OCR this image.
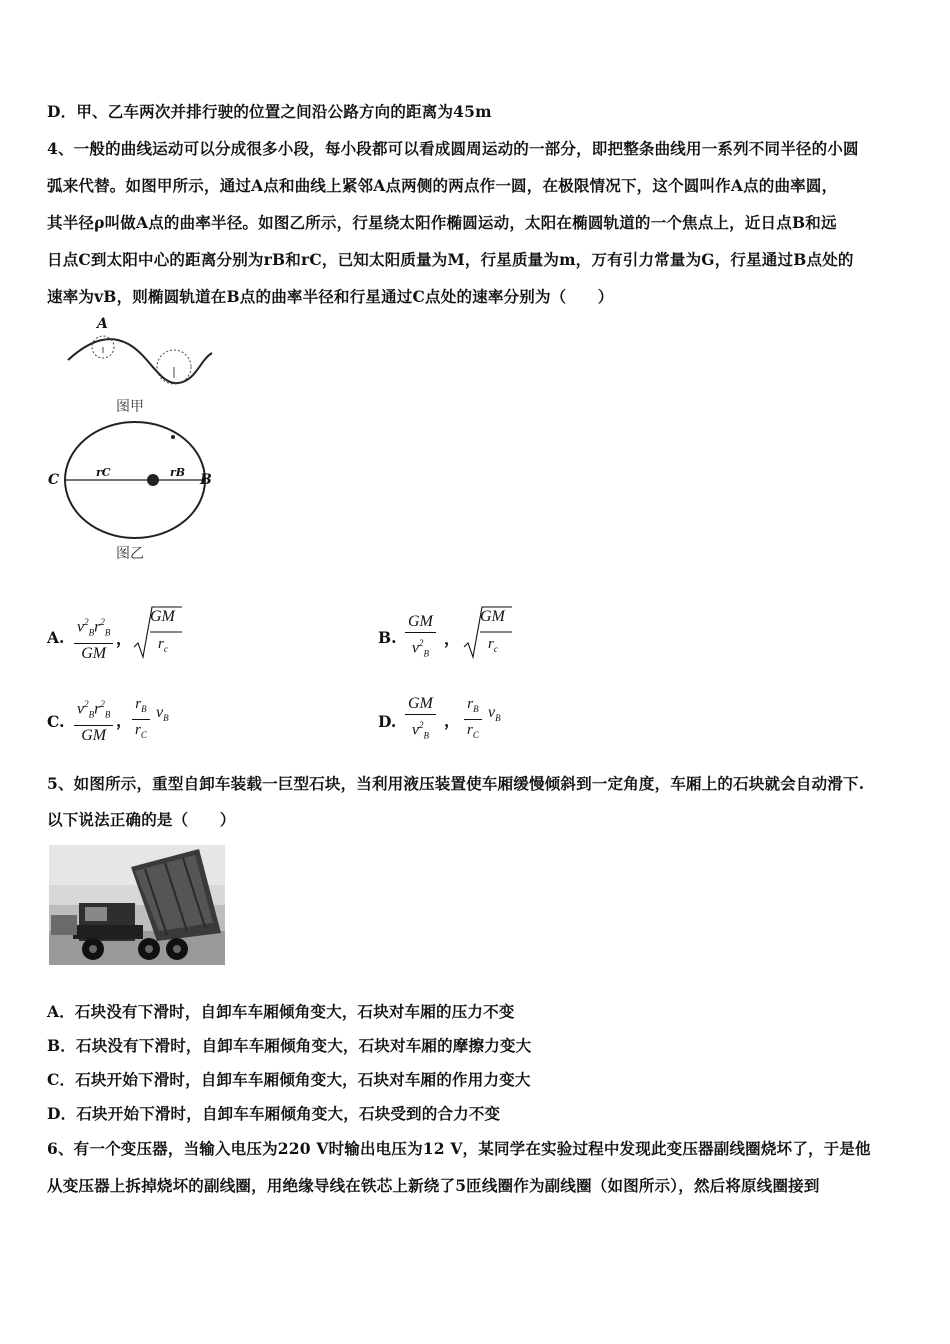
D．甲、乙车两次并排行驶的位置之间沿公路方向的距离为45m
4、一般的曲线运动可以分成很多小段，每小段都可以看成圆周运动的一部分，即把整条曲线用一系列不同半径的小圆
弧来代替。如图甲所示，通过A点和曲线上紧邻A点两侧的两点作一圆，在极限情况下，这个圆叫作A点的曲率圆，
其半径ρ叫做A点的曲率半径。如图乙所示，行星绕太阳作椭圆运动，太阳在椭圆轨道的一个焦点上，近日点B和远
日点C到太阳中心的距离分别为rB和rC，已知太阳质量为M，行星质量为m，万有引力常量为G，行星通过B点处的
速率为vB，则椭圆轨道在B点的曲率半径和行星通过C点处的速率分别为（　　）
A
图甲
C	B
rC	rB
图乙
A.
$v^2_Br^2_B$
GM
，
GM
$r_c$
B.
GM
$v^2_B$
，
GM
$r_c$
C.
$v^2_Br^2_B$
GM
，
$r_B$
$r_C$
$v_B$	D.
GM
$v^2_B$
，
$r_B$
$r_C$
$v_B$
5、如图所示，重型自卸车装载一巨型石块，当利用液压装置使车厢缓慢倾斜到一定角度，车厢上的石块就会自动滑下.
以下说法正确的是（　　）
A．石块没有下滑时，自卸车车厢倾角变大，石块对车厢的压力不变
B．石块没有下滑时，自卸车车厢倾角变大，石块对车厢的摩擦力变大
C．石块开始下滑时，自卸车车厢倾角变大，石块对车厢的作用力变大
D．石块开始下滑时，自卸车车厢倾角变大，石块受到的合力不变
6、有一个变压器，当输入电压为220 V时输出电压为12 V，某同学在实验过程中发现此变压器副线圈烧坏了，于是他
从变压器上拆掉烧坏的副线圈，用绝缘导线在铁芯上新绕了5匝线圈作为副线圈（如图所示），然后将原线圈接到
